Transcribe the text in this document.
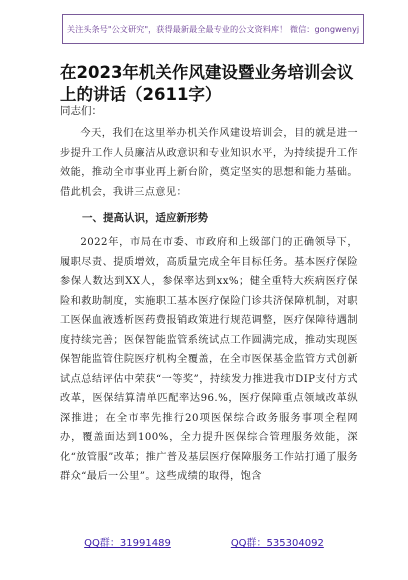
关注头条号"公文研究"，获得最新最全最专业的公文资料库！ 微信：gongwenyj
在2023年机关作风建设暨业务培训会议上的讲话（2611字）
同志们：

今天，我们在这里举办机关作风建设培训会，目的就是进一步提升工作人员廉洁从政意识和专业知识水平，为持续提升工作效能，推动全市事业再上新台阶，奠定坚实的思想和能力基础。借此机会，我讲三点意见：

一、提高认识，适应新形势

2022年，市局在市委、市政府和上级部门的正确领导下，履职尽责、提质增效，高质量完成全年目标任务。基本医疗保险参保人数达到XX人，参保率达到xx%；健全重特大疾病医疗保险和救助制度，实施职工基本医疗保险门诊共济保障机制，对职工医保血液透析医药费报销政策进行规范调整，医疗保障待遇制度持续完善；医保智能监管系统试点工作圆满完成，推动实现医保智能监管住院医疗机构全覆盖，在全市医保基金监管方式创新试点总结评估中荣获“一等奖”，持续发力推进我市DIP支付方式改革，医保结算清单匹配率达96.%，医疗保障重点领域改革纵深推进；在全市率先推行20项医保综合政务服务事项全程网办，覆盖面达到100%，全力提升医保综合管理服务效能，深化“放管服”改革；推广普及基层医疗保障服务工作站打通了服务群众“最后一公里”。这些成绩的取得，饱含

QQ群：31991489	QQ群：535304092
